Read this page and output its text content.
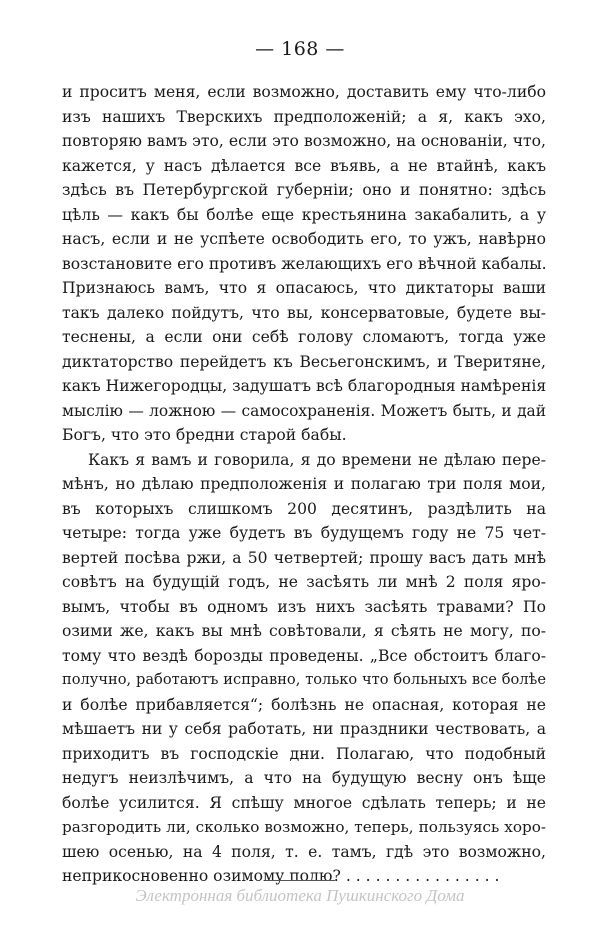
— 168 —
и проситъ меня, если возможно, доставить ему что-либо
изъ нашихъ Тверскихъ предположеній; а я, какъ эхо,
повторяю вамъ это, если это возможно, на основаніи, что,
кажется, у насъ дѣлается все въявь, а не втайнѣ, какъ
здѣсь въ Петербургской губерніи; оно и понятно: здѣсь
цѣль — какъ бы болѣе еще крестьянина закабалить, а у
насъ, если и не успѣете освободить его, то ужъ, навѣрно
возстановите его противъ желающихъ его вѣчной кабалы.
Признаюсь вамъ, что я опасаюсь, что диктаторы ваши
такъ далеко пойдутъ, что вы, консерватовые, будете вы-
теснены, а если они себѣ голову сломаютъ, тогда уже
диктаторство перейдетъ къ Весьегонскимъ, и Тверитяне,
какъ Нижегородцы, задушатъ всѣ благородныя намѣренія
мыслію — ложною — самосохраненія. Можетъ быть, и дай
Богъ, что это бредни старой бабы.
Какъ я вамъ и говорила, я до времени не дѣлаю пере-
мѣнъ, но дѣлаю предположенія и полагаю три поля мои,
въ которыхъ слишкомъ 200 десятинъ, раздѣлить на
четыре: тогда уже будетъ въ будущемъ году не 75 чет-
вертей посѣва ржи, а 50 четвертей; прошу васъ дать мнѣ
совѣтъ на будущій годъ, не засѣять ли мнѣ 2 поля яро-
вымъ, чтобы въ одномъ изъ нихъ засѣять травами? По
озими же, какъ вы мнѣ совѣтовали, я сѣять не могу, по-
тому что вездѣ борозды проведены. „Все обстоитъ благо-
получно, работаютъ исправно, только что больныхъ все болѣе
и болѣе прибавляется“; болѣзнь не опасная, которая не
мѣшаетъ ни у себя работать, ни праздники чествовать, а
приходитъ въ господскіе дни. Полагаю, что подобный
недугъ неизлѣчимъ, а что на будущую весну онъ ѣще
болѣе усилится. Я спѣшу многое сдѣлать теперь; и не
разгородить ли, сколько возможно, теперь, пользуясь хоро-
шею осенью, на 4 поля, т. е. тамъ, гдѣ это возможно,
неприкосновенно озимому полю? . . . . . . . . . . . . . . . .
Электронная библиотека Пушкинского Дома
